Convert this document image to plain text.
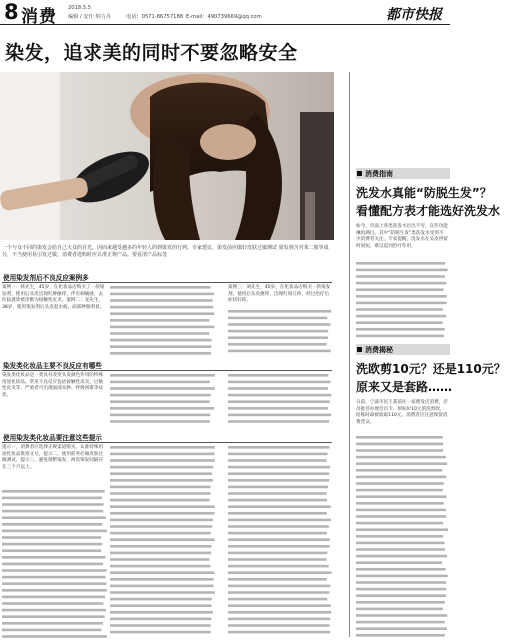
8 消费 2018.5.5
编辑 / 安仕 纳力丹	电话：0571-86757188 E-mail：490739669@qq.com	都市快报
染发，追求美的同时不要忽略安全
一个与众不同的染发会给自己大众的目光，因而来越受越多的年轻人的到染发的行列。专家建议，染发前应做好皮肤过敏测试 染发剂含对苯二胺等成分，不当使用易引发过敏，消费者选购时应认准正规产品。要看清产品标签
使用染发剂后不良反应案例多
案例一：韩先生，45岁，在化妆品店购买了一款染发剂，使用后头皮出现红肿瘙痒，伴有刺痛感，去医院就诊被诊断为接触性皮炎。案例二：龙先生，38岁，使用染发剂后头皮起水疱，面部肿胀明显。
案例三：刘先生，40岁，在化妆品店购买一款染发剂，使用后头皮瘙痒，出现红斑丘疹，经过治疗后症状好转。
染发类化妆品主要不良反应有哪些
染发类化妆品是一类具有改变头发颜色作用的特殊用途化妆品。常见不良反应包括接触性皮炎、过敏性皮炎等，严重者可出现面部水肿、呼吸困难等症状。
使用染发类化妆品要注意这些提示
提示一，消费者应选择正规渠道购买，认准特殊用途化妆品批准文号。提示二，使用前务必做皮肤过敏测试。提示三，避免频繁染发，两次染发间隔应在三个月以上。
消费指南
洗发水真能“防脱生发”？
看懂配方表才能选好洗发水
如今，市面上各类洗发水层出不穷，宣传功能琳琅满目。其中“防脱生发”类洗发水受到不少消费者关注。专家提醒，洗发水在头皮停留时间短，难以起到治疗作用。
消费揭秘
洗欧剪10元？还是110元？
原来又是套路……
日前，宁波市民王某前往一家理发店消费，店员推荐办理会员卡。原标价10元的洗剪吹，结账时却被收取110元。消费者应注意保留消费凭证。
